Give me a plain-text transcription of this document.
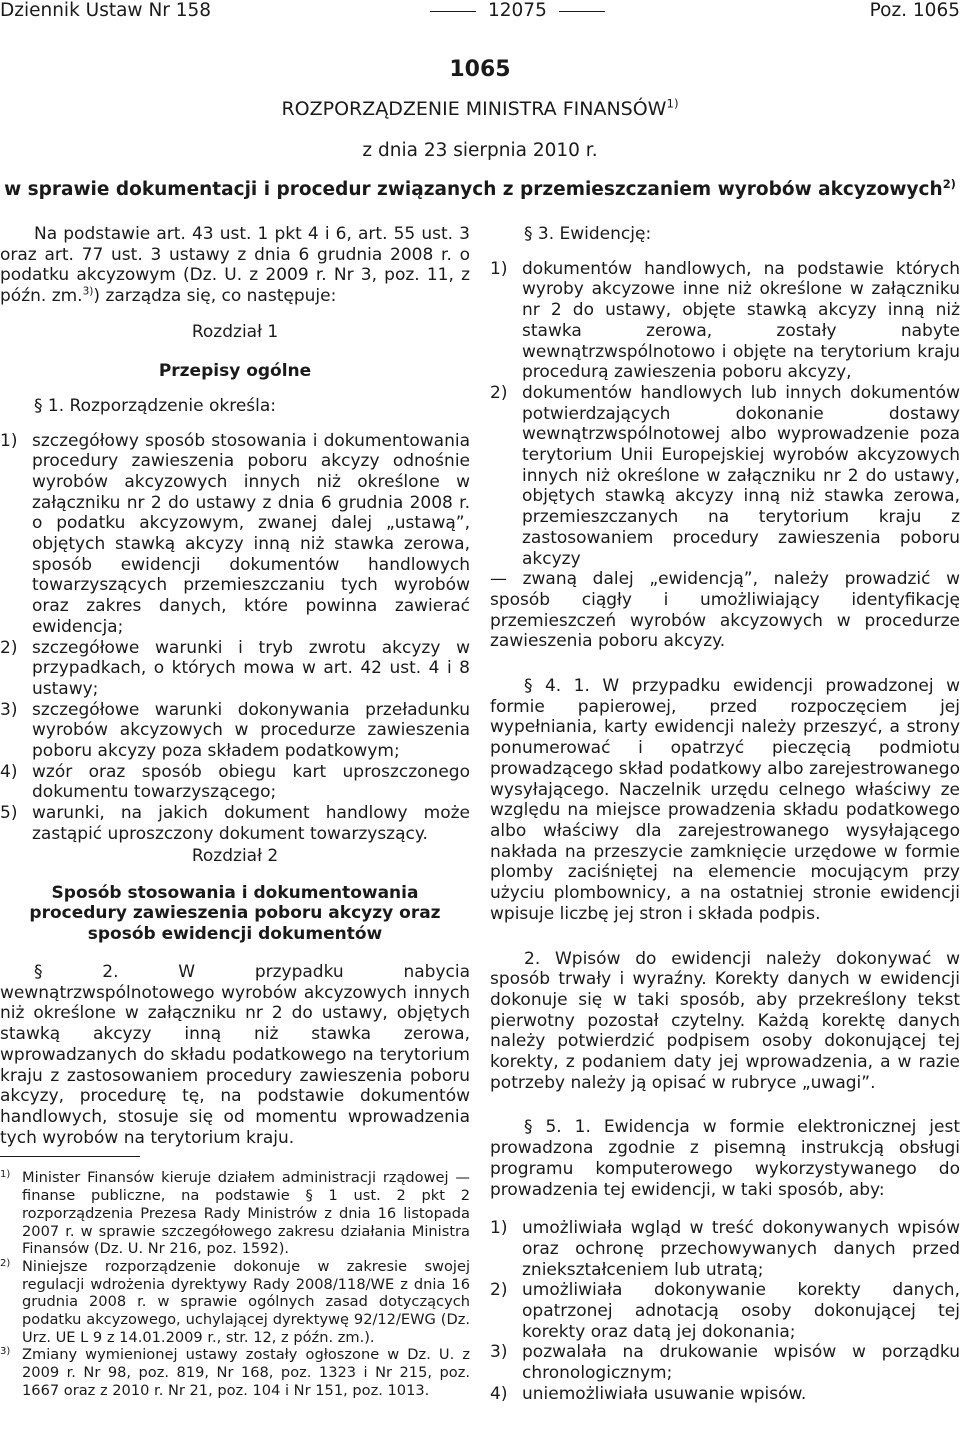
Dziennik Ustaw Nr 158	12075	Poz. 1065
1065
ROZPORZĄDZENIE MINISTRA FINANSÓW$^{1)}$
z dnia 23 sierpnia 2010 r.
w sprawie dokumentacji i procedur związanych z przemieszczaniem wyrobów akcyzowych$^{2)}$

Na podstawie art. 43 ust. 1 pkt 4 i 6, art. 55 ust. 3 oraz art. 77 ust. 3 ustawy z dnia 6 grudnia 2008 r. o podatku akcyzowym (Dz. U. z 2009 r. Nr 3, poz. 11, z późn. zm.$^{3)}$) zarządza się, co następuje:

Rozdział 1

Przepisy ogólne

§ 1. Rozporządzenie określa:

1) szczegółowy sposób stosowania i dokumentowania procedury zawieszenia poboru akcyzy odnośnie wyrobów akcyzowych innych niż określone w załączniku nr 2 do ustawy z dnia 6 grudnia 2008 r. o podatku akcyzowym, zwanej dalej „ustawą”, objętych stawką akcyzy inną niż stawka zerowa, sposób ewidencji dokumentów handlowych towarzyszących przemieszczaniu tych wyrobów oraz zakres danych, które powinna zawierać ewidencja;
2) szczegółowe warunki i tryb zwrotu akcyzy w przypadkach, o których mowa w art. 42 ust. 4 i 8 ustawy;
3) szczegółowe warunki dokonywania przeładunku wyrobów akcyzowych w procedurze zawieszenia poboru akcyzy poza składem podatkowym;
4) wzór oraz sposób obiegu kart uproszczonego dokumentu towarzyszącego;
5) warunki, na jakich dokument handlowy może zastąpić uproszczony dokument towarzyszący.

Rozdział 2

Sposób stosowania i dokumentowania procedury zawieszenia poboru akcyzy oraz sposób ewidencji dokumentów

§ 2. W przypadku nabycia wewnątrzwspólnotowego wyrobów akcyzowych innych niż określone w załączniku nr 2 do ustawy, objętych stawką akcyzy inną niż stawka zerowa, wprowadzanych do składu podatkowego na terytorium kraju z zastosowaniem procedury zawieszenia poboru akcyzy, procedurę tę, na podstawie dokumentów handlowych, stosuje się od momentu wprowadzenia tych wyrobów na terytorium kraju.

1) Minister Finansów kieruje działem administracji rządowej — finanse publiczne, na podstawie § 1 ust. 2 pkt 2 rozporządzenia Prezesa Rady Ministrów z dnia 16 listopada 2007 r. w sprawie szczegółowego zakresu działania Ministra Finansów (Dz. U. Nr 216, poz. 1592).
2) Niniejsze rozporządzenie dokonuje w zakresie swojej regulacji wdrożenia dyrektywy Rady 2008/118/WE z dnia 16 grudnia 2008 r. w sprawie ogólnych zasad dotyczących podatku akcyzowego, uchylającej dyrektywę 92/12/EWG (Dz. Urz. UE L 9 z 14.01.2009 r., str. 12, z późn. zm.).
3) Zmiany wymienionej ustawy zostały ogłoszone w Dz. U. z 2009 r. Nr 98, poz. 819, Nr 168, poz. 1323 i Nr 215, poz. 1667 oraz z 2010 r. Nr 21, poz. 104 i Nr 151, poz. 1013.

§ 3. Ewidencję:

1) dokumentów handlowych, na podstawie których wyroby akcyzowe inne niż określone w załączniku nr 2 do ustawy, objęte stawką akcyzy inną niż stawka zerowa, zostały nabyte wewnątrzwspólnotowo i objęte na terytorium kraju procedurą zawieszenia poboru akcyzy,
2) dokumentów handlowych lub innych dokumentów potwierdzających dokonanie dostawy wewnątrzwspólnotowej albo wyprowadzenie poza terytorium Unii Europejskiej wyrobów akcyzowych innych niż określone w załączniku nr 2 do ustawy, objętych stawką akcyzy inną niż stawka zerowa, przemieszczanych na terytorium kraju z zastosowaniem procedury zawieszenia poboru akcyzy

— zwaną dalej „ewidencją”, należy prowadzić w sposób ciągły i umożliwiający identyfikację przemieszczeń wyrobów akcyzowych w procedurze zawieszenia poboru akcyzy.

§ 4. 1. W przypadku ewidencji prowadzonej w formie papierowej, przed rozpoczęciem jej wypełniania, karty ewidencji należy przeszyć, a strony ponumerować i opatrzyć pieczęcią podmiotu prowadzącego skład podatkowy albo zarejestrowanego wysyłającego. Naczelnik urzędu celnego właściwy ze względu na miejsce prowadzenia składu podatkowego albo właściwy dla zarejestrowanego wysyłającego nakłada na przeszycie zamknięcie urzędowe w formie plomby zaciśniętej na elemencie mocującym przy użyciu plombownicy, a na ostatniej stronie ewidencji wpisuje liczbę jej stron i składa podpis.

2. Wpisów do ewidencji należy dokonywać w sposób trwały i wyraźny. Korekty danych w ewidencji dokonuje się w taki sposób, aby przekreślony tekst pierwotny pozostał czytelny. Każdą korektę danych należy potwierdzić podpisem osoby dokonującej tej korekty, z podaniem daty jej wprowadzenia, a w razie potrzeby należy ją opisać w rubryce „uwagi”.

§ 5. 1. Ewidencja w formie elektronicznej jest prowadzona zgodnie z pisemną instrukcją obsługi programu komputerowego wykorzystywanego do prowadzenia tej ewidencji, w taki sposób, aby:

1) umożliwiała wgląd w treść dokonywanych wpisów oraz ochronę przechowywanych danych przed zniekształceniem lub utratą;
2) umożliwiała dokonywanie korekty danych, opatrzonej adnotacją osoby dokonującej tej korekty oraz datą jej dokonania;
3) pozwalała na drukowanie wpisów w porządku chronologicznym;
4) uniemożliwiała usuwanie wpisów.
